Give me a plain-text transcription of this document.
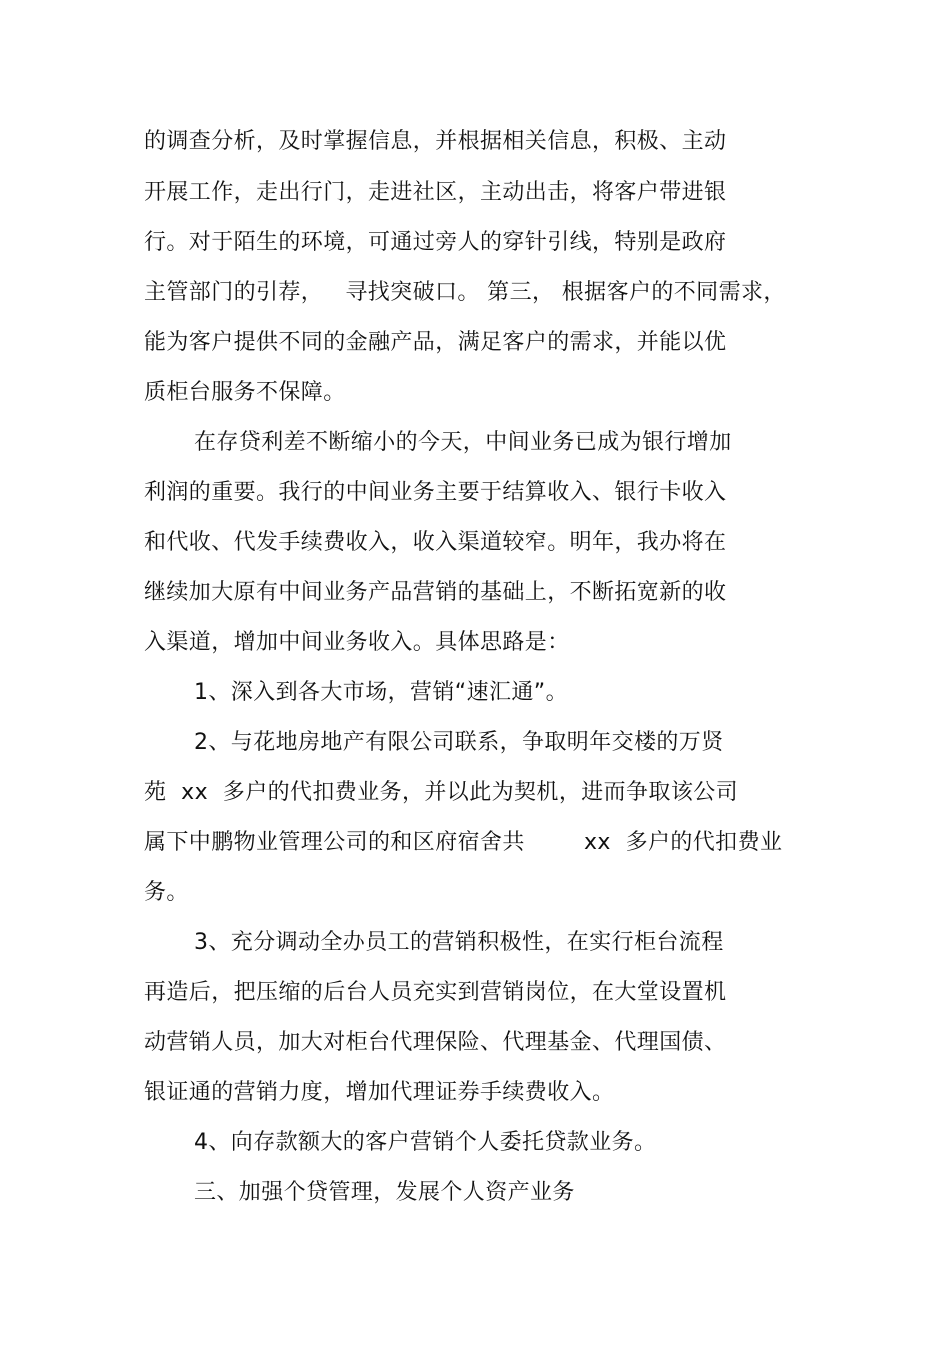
的调查分析，及时掌握信息，并根据相关信息，积极、主动

开展工作，走出行门，走进社区，主动出击，将客户带进银

行。对于陌生的环境，可通过旁人的穿针引线，特别是政府

主管部门的引荐，   寻找突破口。 第三， 根据客户的不同需求，

能为客户提供不同的金融产品，满足客户的需求，并能以优

质柜台服务不保障。

在存贷利差不断缩小的今天，中间业务已成为银行增加

利润的重要。我行的中间业务主要于结算收入、银行卡收入

和代收、代发手续费收入，收入渠道较窄。明年，我办将在

继续加大原有中间业务产品营销的基础上，不断拓宽新的收

入渠道，增加中间业务收入。具体思路是：

1、深入到各大市场，营销“速汇通”。

2、与花地房地产有限公司联系，争取明年交楼的万贤

苑  xx  多户的代扣费业务，并以此为契机，进而争取该公司

属下中鹏物业管理公司的和区府宿舍共        xx  多户的代扣费业

务。

3、充分调动全办员工的营销积极性，在实行柜台流程

再造后，把压缩的后台人员充实到营销岗位，在大堂设置机

动营销人员，加大对柜台代理保险、代理基金、代理国债、

银证通的营销力度，增加代理证券手续费收入。

4、向存款额大的客户营销个人委托贷款业务。

三、加强个贷管理，发展个人资产业务
